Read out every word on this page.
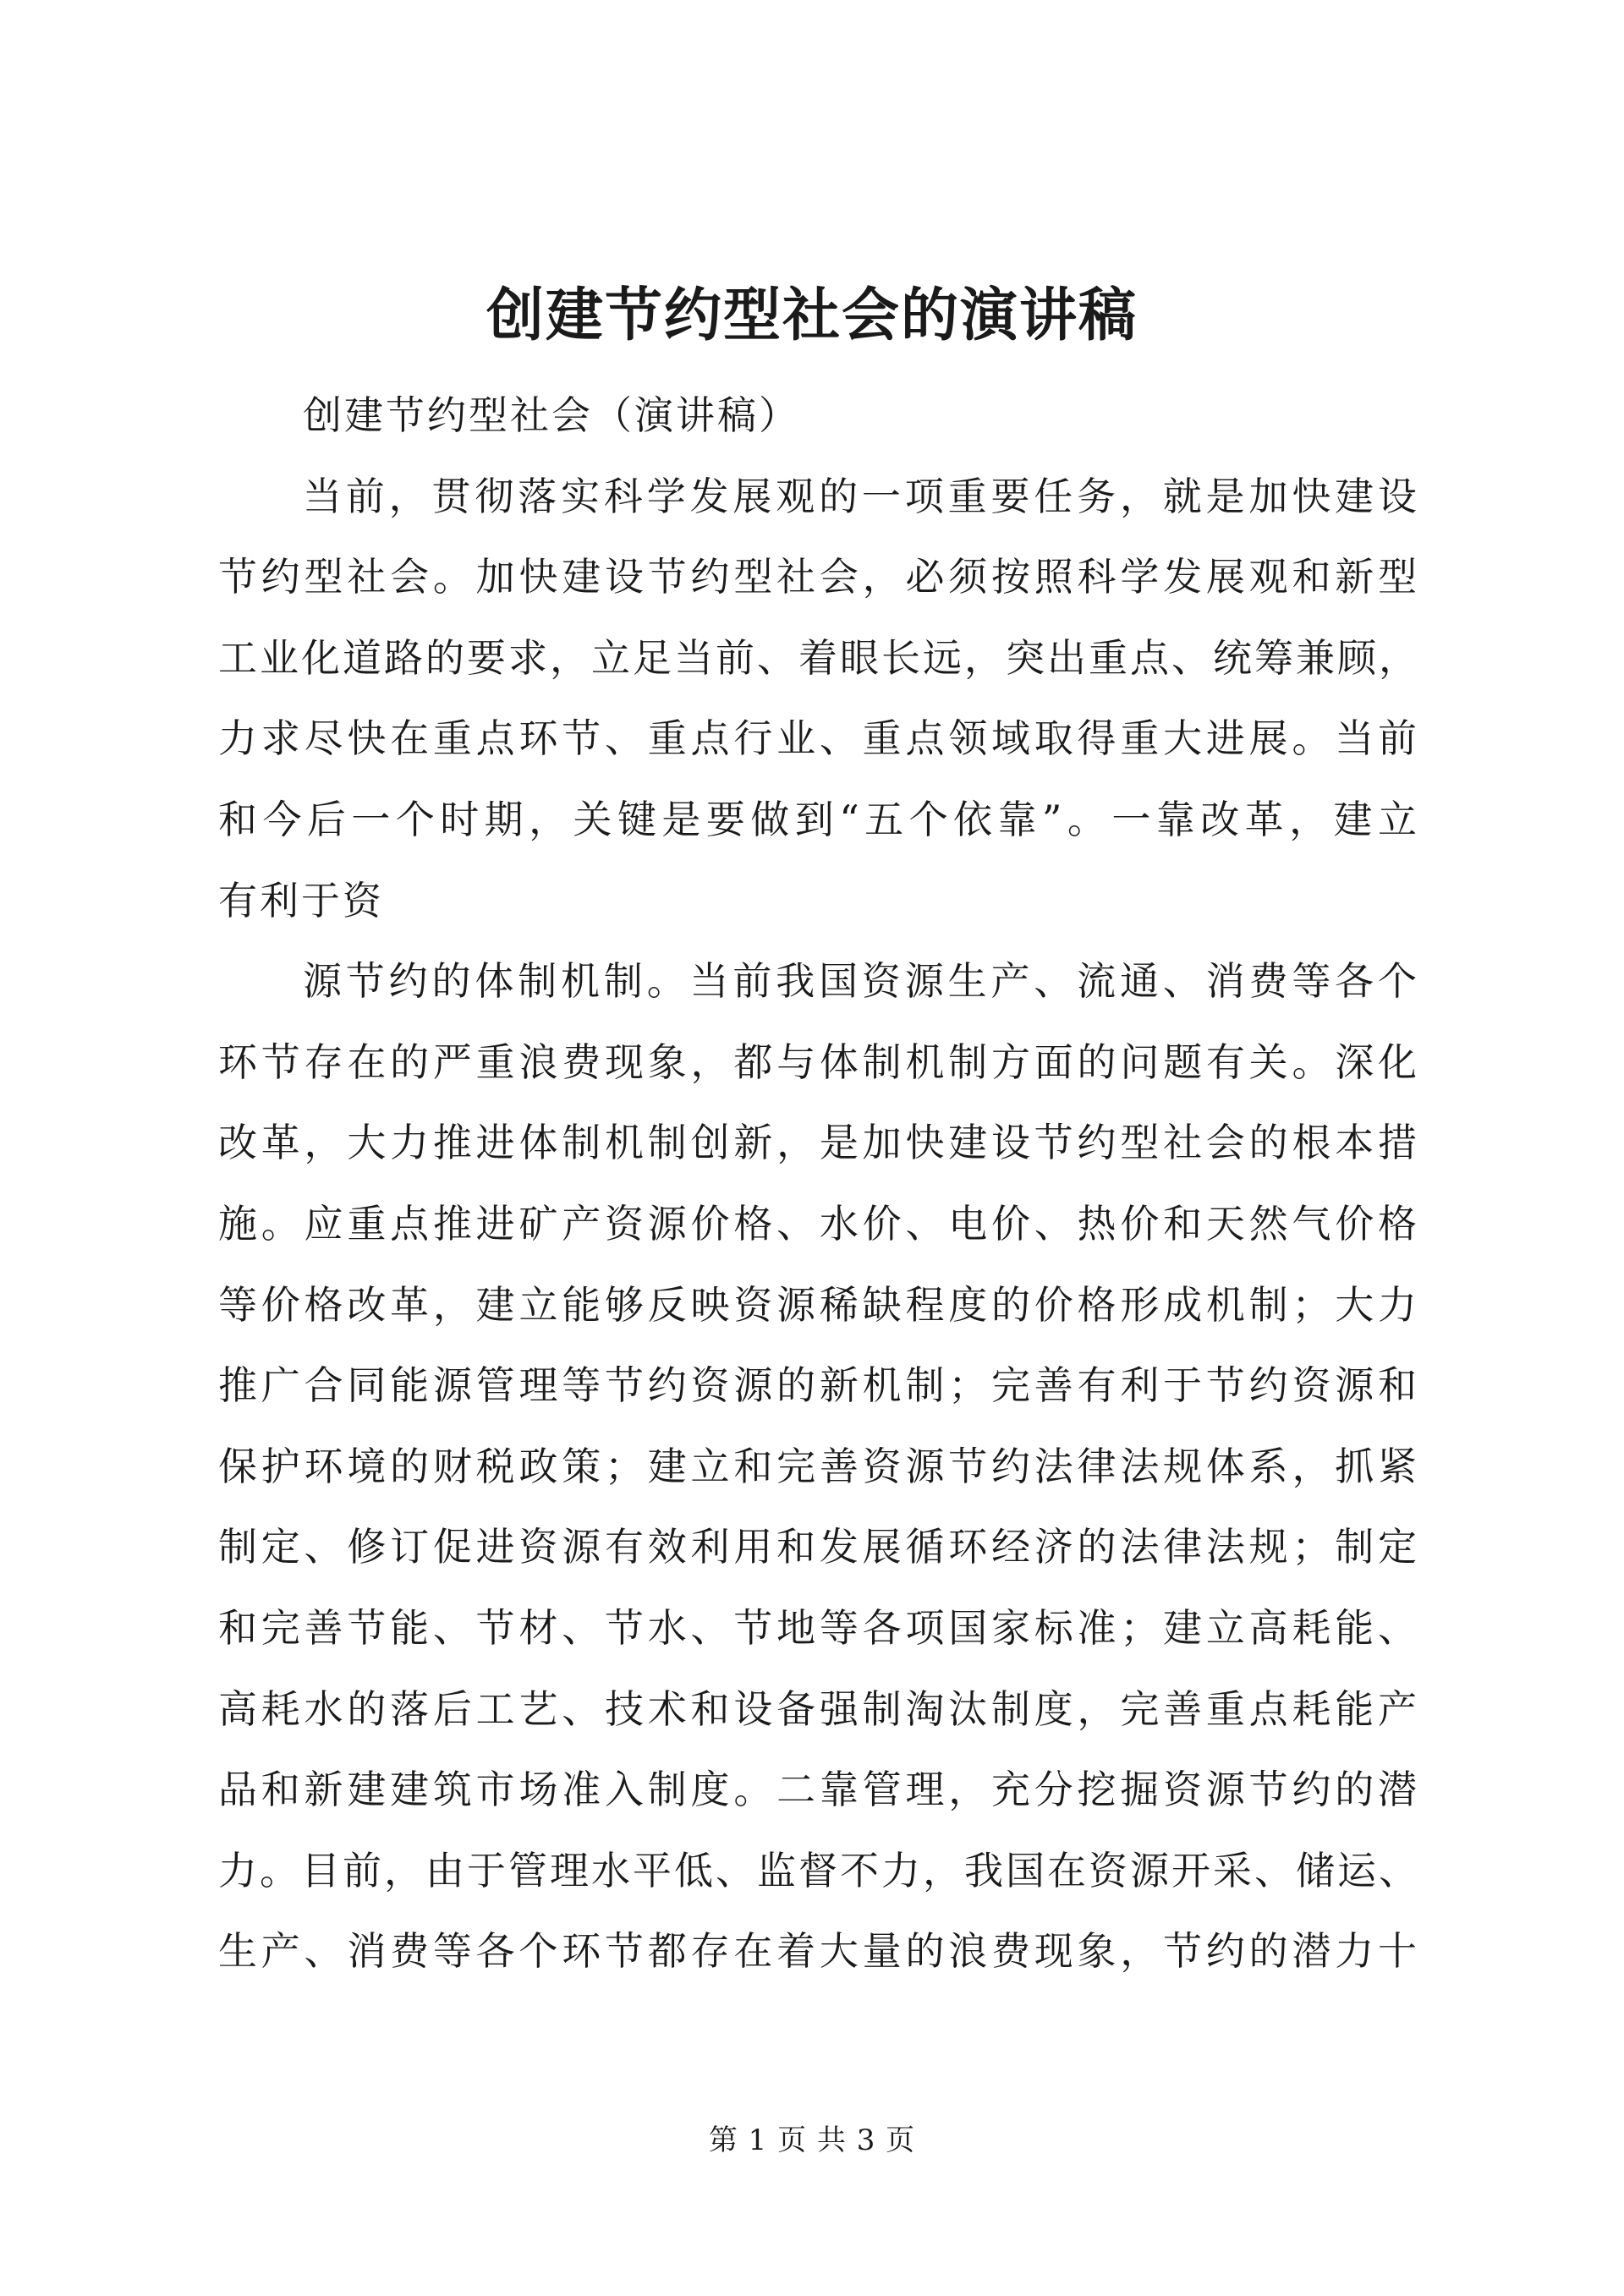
创建节约型社会的演讲稿
创建节约型社会（演讲稿）
当前，贯彻落实科学发展观的一项重要任务，就是加快建设
节约型社会。加快建设节约型社会，必须按照科学发展观和新型
工业化道路的要求，立足当前、着眼长远，突出重点、统筹兼顾，
力求尽快在重点环节、重点行业、重点领域取得重大进展。当前
和今后一个时期，关键是要做到“五个依靠”。一靠改革，建立
有利于资
源节约的体制机制。当前我国资源生产、流通、消费等各个
环节存在的严重浪费现象，都与体制机制方面的问题有关。深化
改革，大力推进体制机制创新，是加快建设节约型社会的根本措
施。应重点推进矿产资源价格、水价、电价、热价和天然气价格
等价格改革，建立能够反映资源稀缺程度的价格形成机制；大力
推广合同能源管理等节约资源的新机制；完善有利于节约资源和
保护环境的财税政策；建立和完善资源节约法律法规体系，抓紧
制定、修订促进资源有效利用和发展循环经济的法律法规；制定
和完善节能、节材、节水、节地等各项国家标准；建立高耗能、
高耗水的落后工艺、技术和设备强制淘汰制度，完善重点耗能产
品和新建建筑市场准入制度。二靠管理，充分挖掘资源节约的潜
力。目前，由于管理水平低、监督不力，我国在资源开采、储运、
生产、消费等各个环节都存在着大量的浪费现象，节约的潜力十
第 1 页 共 3 页
